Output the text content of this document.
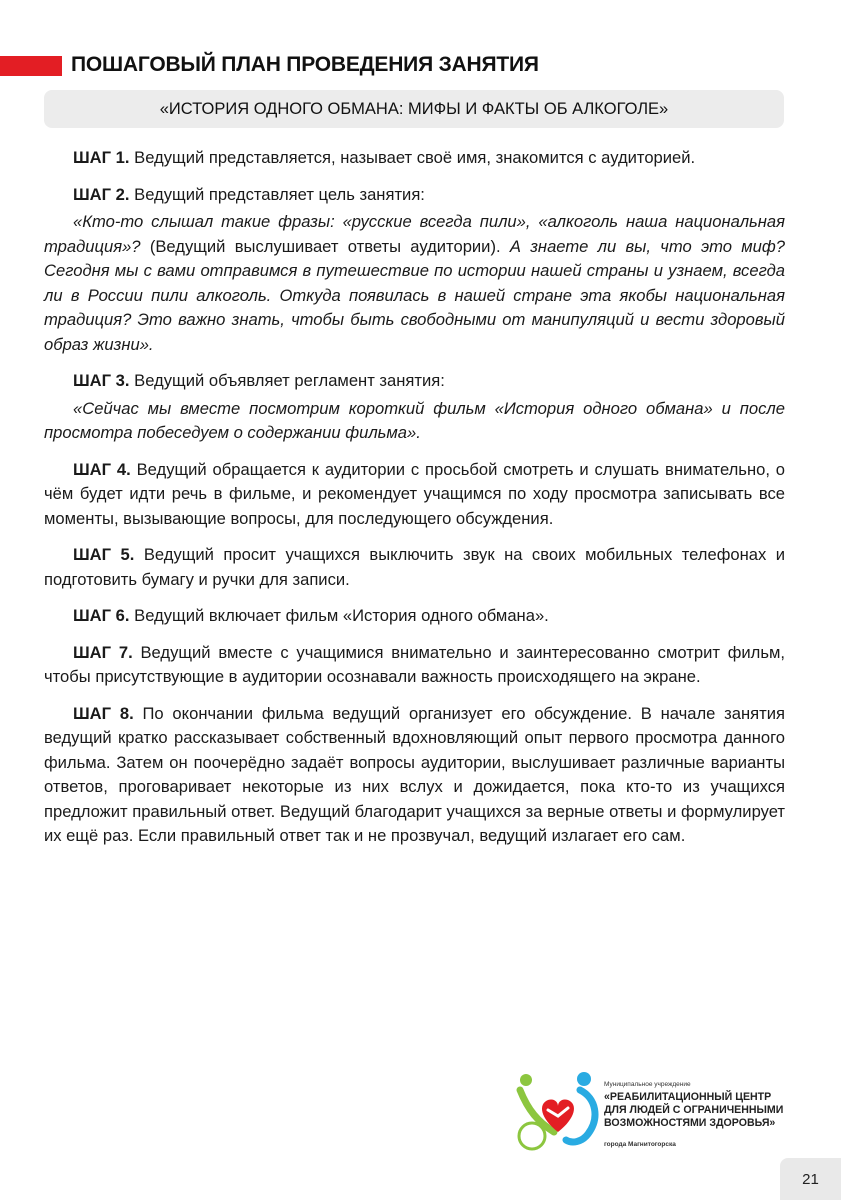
ПОШАГОВЫЙ ПЛАН ПРОВЕДЕНИЯ ЗАНЯТИЯ
«ИСТОРИЯ ОДНОГО ОБМАНА: МИФЫ И ФАКТЫ ОБ АЛКОГОЛЕ»

ШАГ 1. Ведущий представляется, называет своё имя, знакомится с аудиторией.

ШАГ 2. Ведущий представляет цель занятия:

«Кто-то слышал такие фразы: «русские всегда пили», «алкоголь наша национальная традиция»? (Ведущий выслушивает ответы аудитории). А знаете ли вы, что это миф? Сегодня мы с вами отправимся в путешествие по истории нашей страны и узнаем, всегда ли в России пили алкоголь. Откуда появилась в нашей стране эта якобы национальная традиция? Это важно знать, чтобы быть свободными от манипуляций и вести здоровый образ жизни».

ШАГ 3. Ведущий объявляет регламент занятия:

«Сейчас мы вместе посмотрим короткий фильм «История одного обмана» и после просмотра побеседуем о содержании фильма».

ШАГ 4. Ведущий обращается к аудитории с просьбой смотреть и слушать внимательно, о чём будет идти речь в фильме, и рекомендует учащимся по ходу просмотра записывать все моменты, вызывающие вопросы, для последующего обсуждения.

ШАГ 5. Ведущий просит учащихся выключить звук на своих мобильных телефонах и подготовить бумагу и ручки для записи.

ШАГ 6. Ведущий включает фильм «История одного обмана».

ШАГ 7. Ведущий вместе с учащимися внимательно и заинтересованно смотрит фильм, чтобы присутствующие в аудитории осознавали важность происходящего на экране.

ШАГ 8. По окончании фильма ведущий организует его обсуждение. В начале занятия ведущий кратко рассказывает собственный вдохновляющий опыт первого просмотра данного фильма. Затем он поочерёдно задаёт вопросы аудитории, выслушивает различные варианты ответов, проговаривает некоторые из них вслух и дожидается, пока кто-то из учащихся предложит правильный ответ. Ведущий благодарит учащихся за верные ответы и формулирует их ещё раз. Если правильный ответ так и не прозвучал, ведущий излагает его сам.

Муниципальное учреждение
«РЕАБИЛИТАЦИОННЫЙ ЦЕНТР
ДЛЯ ЛЮДЕЙ С ОГРАНИЧЕННЫМИ
ВОЗМОЖНОСТЯМИ ЗДОРОВЬЯ»
города Магнитогорска
21
